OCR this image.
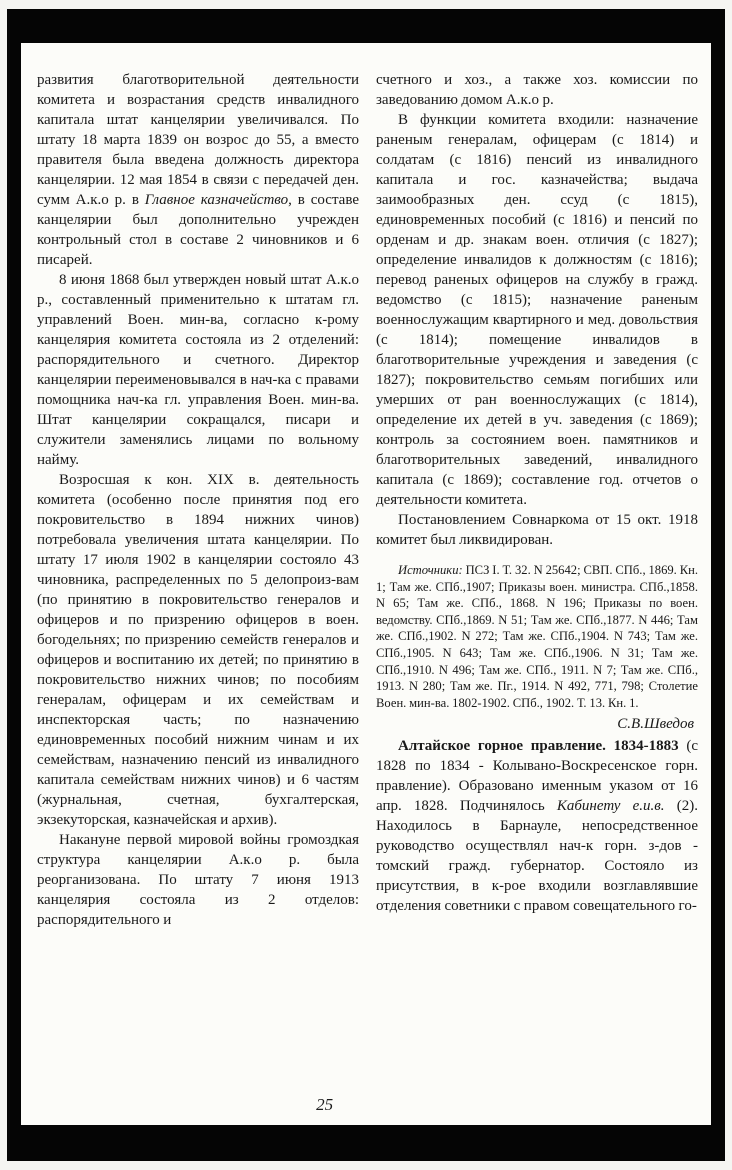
развития благотворительной деятельности комитета и возрастания средств инвалидного капитала штат канцелярии увеличивался. По штату 18 марта 1839 он возрос до 55, а вместо правителя была введена должность директора канцелярии. 12 мая 1854 в связи с передачей ден. сумм А.к.о р. в Главное казначейство, в составе канцелярии был дополнительно учрежден контрольный стол в составе 2 чиновников и 6 писарей.

8 июня 1868 был утвержден новый штат А.к.о р., составленный применительно к штатам гл. управлений Воен. мин-ва, согласно к-рому канцелярия комитета состояла из 2 отделений: распорядительного и счетного. Директор канцелярии переименовывался в нач-ка с правами помощника нач-ка гл. управления Воен. мин-ва. Штат канцелярии сокращался, писари и служители заменялись лицами по вольному найму.

Возросшая к кон. XIX в. деятельность комитета (особенно после принятия под его покровительство в 1894 нижних чинов) потребовала увеличения штата канцелярии. По штату 17 июля 1902 в канцелярии состояло 43 чиновника, распределенных по 5 делопроиз-вам (по принятию в покровительство генералов и офицеров и по призрению офицеров в воен. богодельнях; по призрению семейств генералов и офицеров и воспитанию их детей; по принятию в покровительство нижних чинов; по пособиям генералам, офицерам и их семействам и инспекторская часть; по назначению единовременных пособий нижним чинам и их семействам, назначению пенсий из инвалидного капитала семействам нижних чинов) и 6 частям (журнальная, счетная, бухгалтерская, экзекуторская, казначейская и архив).

Накануне первой мировой войны громоздкая структура канцелярии А.к.о р. была реорганизована. По штату 7 июня 1913 канцелярия состояла из 2 отделов: распорядительного и

счетного и хоз., а также хоз. комиссии по заведованию домом А.к.о р.

В функции комитета входили: назначение раненым генералам, офицерам (с 1814) и солдатам (с 1816) пенсий из инвалидного капитала и гос. казначейства; выдача заимообразных ден. ссуд (с 1815), единовременных пособий (с 1816) и пенсий по орденам и др. знакам воен. отличия (с 1827); определение инвалидов к должностям (с 1816); перевод раненых офицеров на службу в гражд. ведомство (с 1815); назначение раненым военнослужащим квартирного и мед. довольствия (с 1814); помещение инвалидов в благотворительные учреждения и заведения (с 1827); покровительство семьям погибших или умерших от ран военнослужащих (с 1814), определение их детей в уч. заведения (с 1869); контроль за состоянием воен. памятников и благотворительных заведений, инвалидного капитала (с 1869); составление год. отчетов о деятельности комитета.

Постановлением Совнаркома от 15 окт. 1918 комитет был ликвидирован.

Источники: ПСЗ I. Т. 32. N 25642; СВП. СПб., 1869. Кн. 1; Там же. СПб.,1907; Приказы воен. министра. СПб.,1858. N 65; Там же. СПб., 1868. N 196; Приказы по воен. ведомству. СПб.,1869. N 51; Там же. СПб.,1877. N 446; Там же. СПб.,1902. N 272; Там же. СПб.,1904. N 743; Там же. СПб.,1905. N 643; Там же. СПб.,1906. N 31; Там же. СПб.,1910. N 496; Там же. СПб., 1911. N 7; Там же. СПб., 1913. N 280; Там же. Пг., 1914. N 492, 771, 798; Столетие Воен. мин-ва. 1802-1902. СПб., 1902. Т. 13. Кн. 1.

С.В.Шведов

Алтайское горное правление. 1834-1883 (с 1828 по 1834 - Колывано-Воскресенское горн. правление). Образовано именным указом от 16 апр. 1828. Подчинялось Кабинету е.и.в. (2). Находилось в Барнауле, непосредственное руководство осуществлял нач-к горн. з-дов - томский гражд. губернатор. Состояло из присутствия, в к-рое входили возглавлявшие отделения советники с правом совещательного го-

25
